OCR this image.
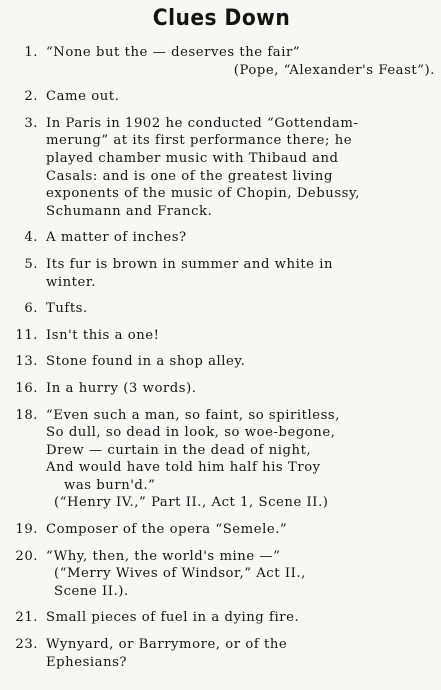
Clues Down
1. “None but the — deserves the fair”
(Pope, “Alexander's Feast”).
2. Came out.
3. In Paris in 1902 he conducted “Gottendam-
merung” at its first performance there; he
played chamber music with Thibaud and
Casals: and is one of the greatest living
exponents of the music of Chopin, Debussy,
Schumann and Franck.
4. A matter of inches?
5. Its fur is brown in summer and white in
winter.
6. Tufts.
11. Isn't this a one!
13. Stone found in a shop alley.
16. In a hurry (3 words).
18. “Even such a man, so faint, so spiritless,
So dull, so dead in look, so woe-begone,
Drew — curtain in the dead of night,
And would have told him half his Troy
was burn'd.”
(“Henry IV.,” Part II., Act 1, Scene II.)
19. Composer of the opera “Semele.”
20. “Why, then, the world's mine —”
(“Merry Wives of Windsor,” Act II.,
Scene II.).
21. Small pieces of fuel in a dying fire.
23. Wynyard, or Barrymore, or of the
Ephesians?
